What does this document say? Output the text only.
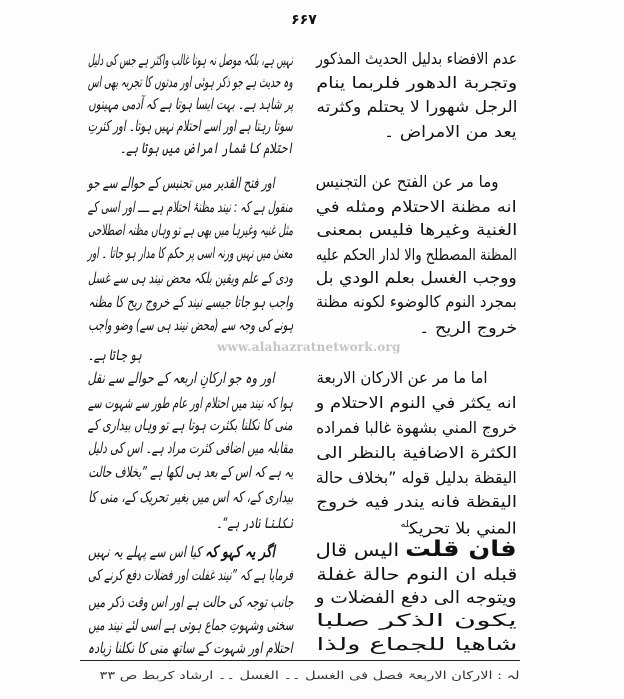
۶۶۷
عدم الافضاء بدليل الحديث المذكور
وتجربة الدهور فلربما ينام
الرجل شهورا لا يحتلم وكثرته
يعد من الامراض ۔
وما مر عن الفتح عن التجنيس
انه مظنة الاحتلام ومثله في
الغنية وغيرها فليس بمعنى
المظنة المصطلح والا لدار الحكم عليه
ووجب الغسل بعلم الودي بل
بمجرد النوم كالوضوء لكونه مظنة
خروج الريح ۔
اما ما مر عن الاركان الاربعة
انه يكثر في النوم الاحتلام و
خروج المني بشهوة غالبا فمراده
الكثرة الاضافية بالنظر الى
اليقظة بدليل قوله ”بخلاف حالة
اليقظة فانه يندر فيه خروج
المني بلا تحريك$^{له}$
فان قلت اليس قال
قبله ان النوم حالة غفلة
ويتوجه الى دفع الفضلات و
يكون الذكر صلبا
شاهيا للجماع ولذا
نہیں ہے، بلکہ موصل نہ ہونا غالب واکثر ہے جس کی دلیل
وہ حدیث ہے جو ذکر ہوئی اور مدتوں کا تجربہ بھی اس
پر شاہد ہے۔ بہت ایسا ہوتا ہے کہ آدمی مہینوں
سوتا رہتا ہے اور اسے احتلام نہیں ہوتا۔ اور کثرتِ
احتلام کا شمار امراض میں ہوتا ہے۔
اور فتح القدیر میں تجنیس کے حوالے سے جو
منقول ہے کہ : نیند مظنۂ احتلام ہے ــــ اور اسی کے
مثل غنیہ وغیرہا میں بھی ہے تو وہاں مظنہ اصطلاحی
معنیٰ میں نہیں ورنہ اسی پر حکم کا مدار ہو جاتا ۔ اور
ودی کے علم ویقین بلکہ محض نیند ہی سے غسل
واجب ہو جاتا جیسے نیند کے خروج ریح کا مظنہ
ہونے کی وجہ سے (محض نیند ہی سے) وضو واجب
ہو جاتا ہے۔
اور وہ جو ارکانِ اربعہ کے حوالے سے نقل
ہوا کہ نیند میں احتلام اور عام طور سے شہوت سے
منی کا نکلنا بکثرت ہوتا ہے تو وہاں بیداری کے
مقابلہ میں اضافی کثرت مراد ہے۔ اس کی دلیل
یہ ہے کہ اس کے بعد ہی لکھا ہے ”بخلاف حالت
بیداری کے، کہ اس میں بغیر تحریک کے، منی کا
نکلنا نادر ہے“۔
اگر یہ کہو کہ کیا اس سے پہلے یہ نہیں
فرمایا ہے کہ ”نیند غفلت اور فضلات دفع کرنے کی
جانب توجہ کی حالت ہے اور اس وقت ذکر میں
سختی وشہوتِ جماع ہوتی ہے اسی لئے نیند میں
احتلام اور شہوت کے ساتھ منی کا نکلنا زیادہ
www.alahazratnetwork.org
لہ : الارکان الاربعۃ فصل فی الغسل ۔۔ الغسل ۔۔ ارشاد کربط ص ۳۳
